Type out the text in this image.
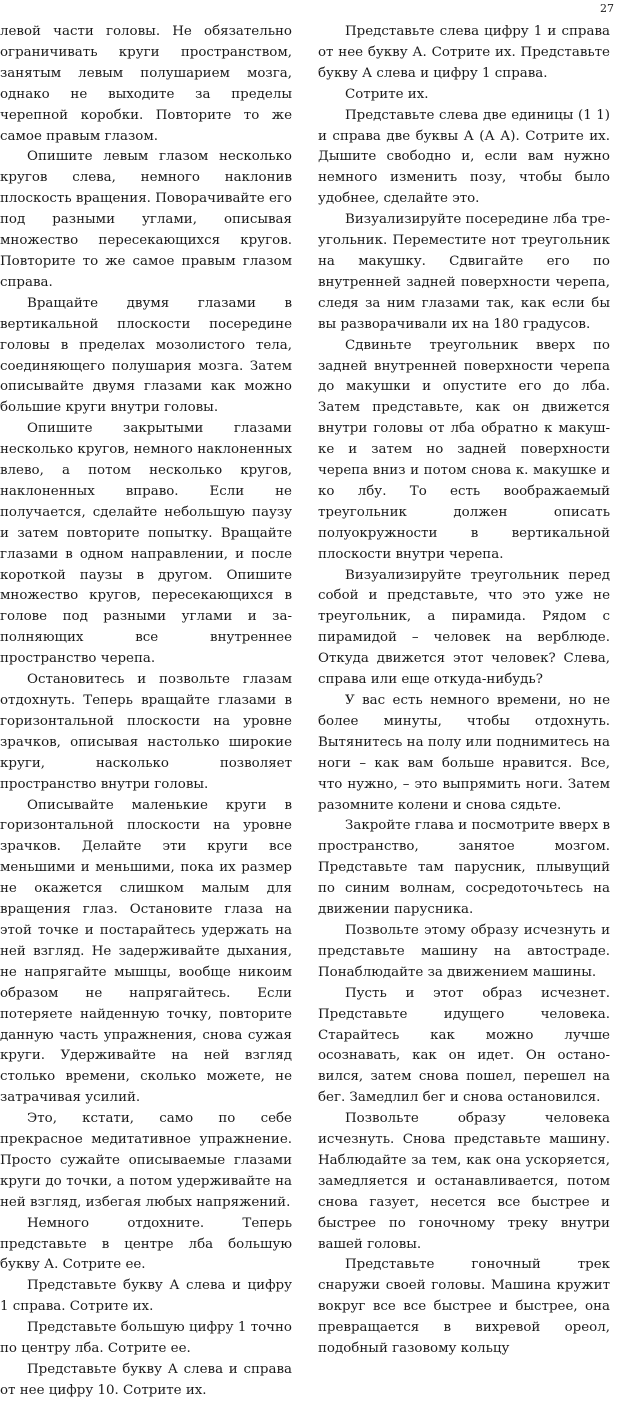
27

левой части головы. Не обязательно ограничивать круги пространством, занятым левым полушарием мозга, однако не выходите за пределы черепной коробки. Повторите то же самое правым глазом.

Опишите левым глазом несколько кругов слева, немного наклонив плоскость вращения. Поворачивайте его под разными углами, описывая множество пересекающихся кругов. Повторите то же самое правым глазом справа.

Вращайте двумя глазами в вертикальной плоскости посередине головы в пределах мозолистого тела, соединяющего полушария мозга. Затем описывайте двумя глазами как можно большие круги внутри головы.

Опишите закрытыми глазами несколько кругов, немного наклоненных влево, а потом несколько кругов, наклоненных вправо. Если не получается, сделайте небольшую паузу и затем повторите попытку. Вращайте глазами в одном направлении, и после короткой паузы в другом. Опишите множество кругов, пересекающихся в голове под разными углами и заполняющих все внутреннее пространство черепа.

Остановитесь и позвольте глазам отдохнуть. Теперь вращайте глазами в горизонтальной плоскости на уровне зрачков, описывая настолько широкие круги, насколько позволяет пространство внутри головы.

Описывайте маленькие круги в горизонтальной плоскости на уровне зрачков. Делайте эти круги все меньшими и меньшими, пока их размер не окажется слишком малым для вращения глаз. Остановите глаза на этой точке и постарайтесь удержать на ней взгляд. Не задерживайте дыхания, не напрягайте мышцы, вообще никоим образом не напрягайтесь. Если потеряете найденную точку, повторите данную часть упражнения, снова сужая круги. Удерживайте на ней взгляд столько времени, сколько можете, не затрачивая усилий.

Это, кстати, само по себе прекрасное медитативное упражнение. Просто сужайте описываемые глазами круги до точки, а потом удерживайте на ней взгляд, избегая любых напряжений.

Немного отдохните. Теперь представьте в центре лба большую букву А. Сотрите ее.

Представьте букву А слева и цифру 1 справа. Сотрите их.

Представьте большую цифру 1 точно по центру лба. Сотрите ее.

Представьте букву А слева и справа от нее цифру 10. Сотрите их.

Представьте слева цифру 1 и справа от нее букву А. Сотрите их. Представьте букву А слева и цифру 1 справа.

Сотрите их.

Представьте слева две единицы (1 1) и справа две буквы А (А А). Сотрите их. Дышите свободно и, если вам нужно немного изменить позу, чтобы было удобнее, сделайте это.

Визуализируйте посередине лба треугольник. Переместите нот треугольник на макушку. Сдвигайте его по внутренней задней поверхности черепа, следя за ним глазами так, как если бы вы разворачивали их на 180 градусов.

Сдвиньте треугольник вверх по задней внутренней поверхности черепа до макушки и опустите его до лба. Затем представьте, как он движется внутри головы от лба обратно к макушке и затем но задней поверхности черепа вниз и потом снова к. макушке и ко лбу. То есть воображаемый треугольник должен описать полуокружности в вертикальной плоскости внутри черепа.

Визуализируйте треугольник перед собой и представьте, что это уже не треугольник, а пирамида. Рядом с пирамидой – человек на верблюде. Откуда движется этот человек? Слева, справа или еще откуда-нибудь?

У вас есть немного времени, но не более минуты, чтобы отдохнуть. Вытянитесь на полу или поднимитесь на ноги – как вам больше нравится. Все, что нужно, – это выпрямить ноги. Затем разомните колени и снова сядьте.

Закройте глава и посмотрите вверх в пространство, занятое мозгом. Представьте там парусник, плывущий по синим волнам, сосредоточьтесь на движении парусника.

Позвольте этому образу исчезнуть и представьте машину на автостраде. Понаблюдайте за движением машины.

Пусть и этот образ исчезнет. Представьте идущего человека. Старайтесь как можно лучше осознавать, как он идет. Он остановился, затем снова пошел, перешел на бег. Замедлил бег и снова остановился.

Позвольте образу человека исчезнуть. Снова представьте машину. Наблюдайте за тем, как она ускоряется, замедляется и останавливается, потом снова газует, несется все быстрее и быстрее по гоночному треку внутри вашей головы.

Представьте гоночный трек снаружи своей головы. Машина кружит вокруг все все быстрее и быстрее, она превращается в вихревой ореол, подобный газовому кольцу
